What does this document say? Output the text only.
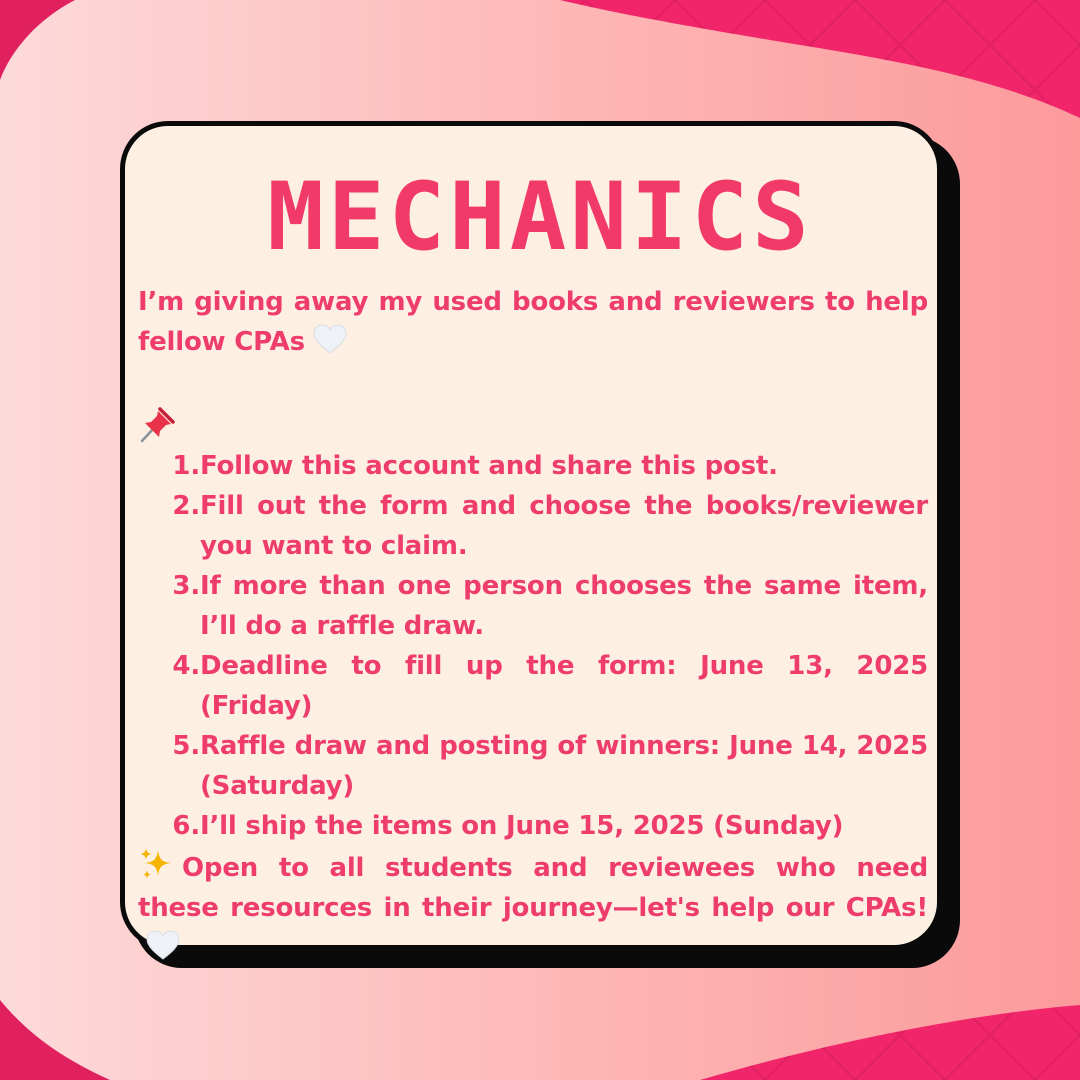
MECHANICS

I’m giving away my used books and reviewers to help fellow CPAs

1. Follow this account and share this post.
2. Fill out the form and choose the books/reviewer you want to claim.
3. If more than one person chooses the same item, I’ll do a raffle draw.
4. Deadline to fill up the form: June 13, 2025 (Friday)
5. Raffle draw and posting of winners: June 14, 2025 (Saturday)
6. I’ll ship the items on June 15, 2025 (Sunday)

Open to all students and reviewees who need these resources in their journey—let's help our CPAs!
